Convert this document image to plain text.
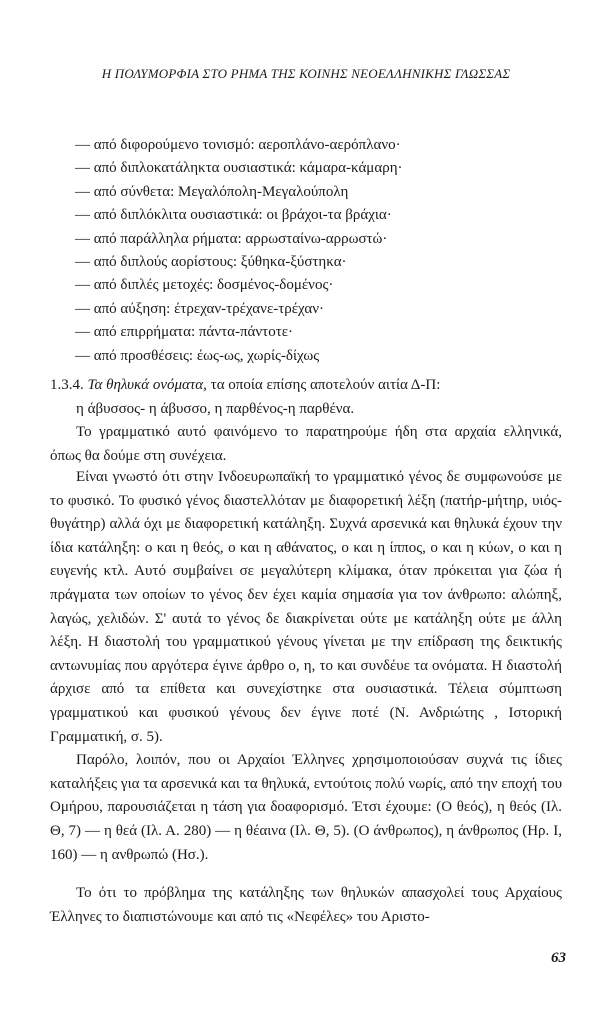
Η ΠΟΛΥΜΟΡΦΙΑ ΣΤΟ ΡΗΜΑ ΤΗΣ ΚΟΙΝΗΣ ΝΕΟΕΛΛΗΝΙΚΗΣ ΓΛΩΣΣΑΣ
— από διφορούμενο τονισμό: αεροπλάνο-αερόπλανο·
— από διπλοκατάληκτα ουσιαστικά: κάμαρα-κάμαρη·
— από σύνθετα: Μεγαλόπολη-Μεγαλούπολη
— από διπλόκλιτα ουσιαστικά: οι βράχοι-τα βράχια·
— από παράλληλα ρήματα: αρρωσταίνω-αρρωστώ·
— από διπλούς αορίστους: ξύθηκα-ξύστηκα·
— από διπλές μετοχές: δοσμένος-δομένος·
— από αύξηση: έτρεχαν-τρέχανε-τρέχαν·
— από επιρρήματα: πάντα-πάντοτε·
— από προσθέσεις: έως-ως, χωρίς-δίχως

1.3.4. Τα θηλυκά ονόματα, τα οποία επίσης αποτελούν αιτία Δ-Π:

η άβυσσος- η άβυσσο, η παρθένος-η παρθένα.

Το γραμματικό αυτό φαινόμενο το παρατηρούμε ήδη στα αρχαία ελληνικά, όπως θα δούμε στη συνέχεια.

Είναι γνωστό ότι στην Ινδοευρωπαϊκή το γραμματικό γένος δε συμφωνούσε με το φυσικό. Το φυσικό γένος διαστελλόταν με διαφορετική λέξη (πατήρ-μήτηρ, υιός-θυγάτηρ) αλλά όχι με διαφορετική κατάληξη. Συχνά αρσενικά και θηλυκά έχουν την ίδια κατάληξη: ο και η θεός, ο και η αθάνατος, ο και η ίππος, ο και η κύων, ο και η ευγενής κτλ. Αυτό συμβαίνει σε μεγαλύτερη κλίμακα, όταν πρόκειται για ζώα ή πράγματα των οποίων το γένος δεν έχει καμία σημασία για τον άνθρωπο: αλώπηξ, λαγώς, χελιδών. Σ' αυτά το γένος δε διακρίνεται ούτε με κατάληξη ούτε με άλλη λέξη. Η διαστολή του γραμματικού γένους γίνεται με την επίδραση της δεικτικής αντωνυμίας που αργότερα έγινε άρθρο ο, η, το και συνδέυε τα ονόματα. Η διαστολή άρχισε από τα επίθετα και συνεχίστηκε στα ουσιαστικά. Τέλεια σύμπτωση γραμματικού και φυσικού γένους δεν έγινε ποτέ (Ν. Ανδριώτης , Ιστορική Γραμματική, σ. 5).

Παρόλο, λοιπόν, που οι Αρχαίοι Έλληνες χρησιμοποιούσαν συχνά τις ίδιες καταλήξεις για τα αρσενικά και τα θηλυκά, εντούτοις πολύ νωρίς, από την εποχή του Ομήρου, παρουσιάζεται η τάση για δοαφορισμό. Έτσι έχουμε: (Ο θεός), η θεός (Ιλ. Θ, 7) — η θεά (Ιλ. Α. 280) — η θέαινα (Ιλ. Θ, 5). (Ο άνθρωπος), η άνθρωπος (Ηρ. Ι, 160) — η ανθρωπώ (Ησ.).

Το ότι το πρόβλημα της κατάληξης των θηλυκών απασχολεί τους Αρχαίους Έλληνες το διαπιστώνουμε και από τις «Νεφέλες» του Αριστο-

63
